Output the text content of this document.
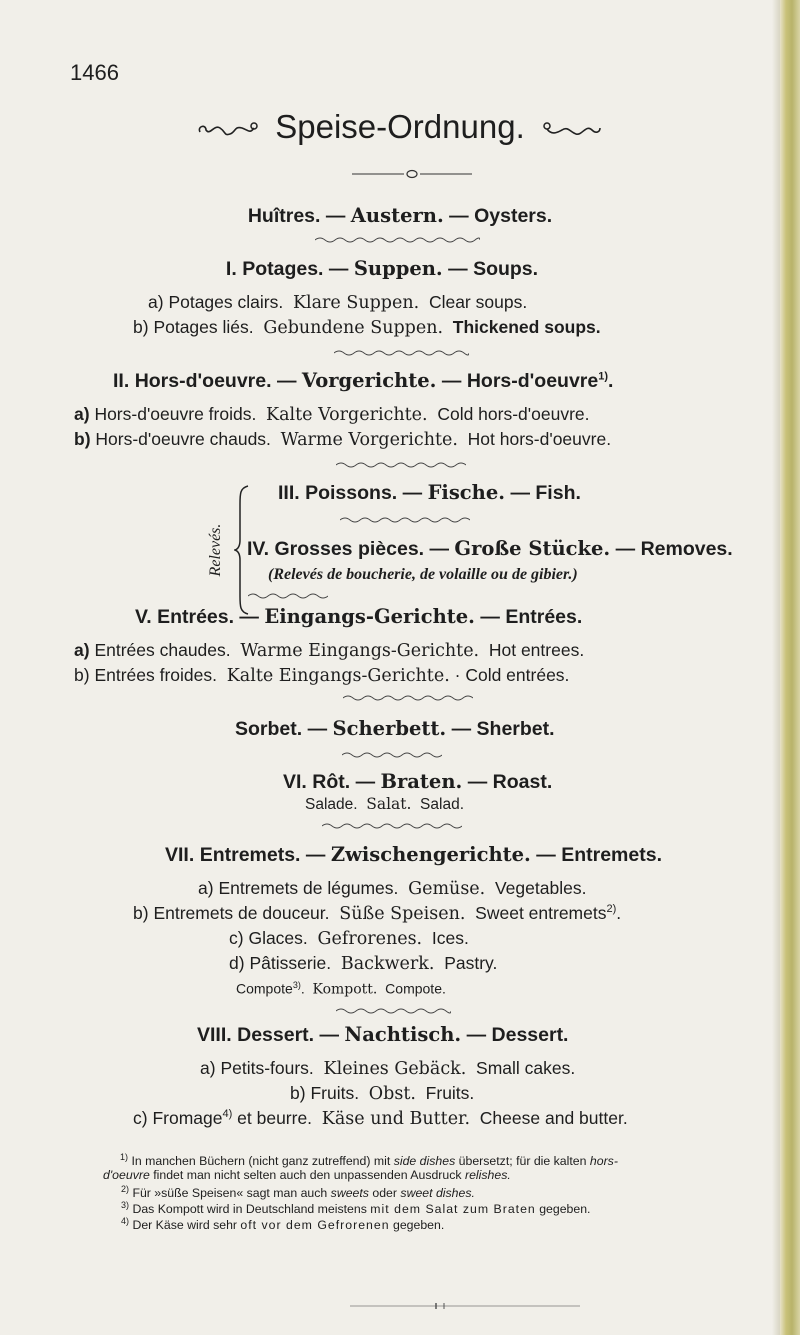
1466
Speise-Ordnung.
Huîtres. — Austern. — Oysters.
I. Potages. — Suppen. — Soups.
a) Potages clairs. Klare Suppen. Clear soups.
b) Potages liés. Gebundene Suppen. Thickened soups.
II. Hors-d'oeuvre. — Vorgerichte. — Hors-d'oeuvre$^{1)}$.
a) Hors-d'oeuvre froids. Kalte Vorgerichte. Cold hors-d'oeuvre.
b) Hors-d'oeuvre chauds. Warme Vorgerichte. Hot hors-d'oeuvre.
Relevés.
III. Poissons. — Fische. — Fish.
IV. Grosses pièces. — Große Stücke. — Removes.
(Relevés de boucherie, de volaille ou de gibier.)
V. Entrées. — Eingangs-Gerichte. — Entrées.
a) Entrées chaudes. Warme Eingangs-Gerichte. Hot entrees.
b) Entrées froides. Kalte Eingangs-Gerichte. · Cold entrées.
Sorbet. — Scherbett. — Sherbet.
VI. Rôt. — Braten. — Roast.
Salade. Salat. Salad.
VII. Entremets. — Zwischengerichte. — Entremets.
a) Entremets de légumes. Gemüse. Vegetables.
b) Entremets de douceur. Süße Speisen. Sweet entremets$^{2)}$.
c) Glaces. Gefrorenes. Ices.
d) Pâtisserie. Backwerk. Pastry.
Compote$^{3)}$.  Kompott. Compote.
VIII. Dessert. — Nachtisch. — Dessert.
a) Petits-fours. Kleines Gebäck. Small cakes.
b) Fruits. Obst. Fruits.
c) Fromage$^{4)}$ et beurre. Käse und Butter. Cheese and butter.
$^{1)}$ In manchen Büchern (nicht ganz zutreffend) mit side dishes übersetzt; für die kalten hors-
d'oeuvre findet man nicht selten auch den unpassenden Ausdruck relishes.
$^{2)}$ Für »süße Speisen« sagt man auch sweets oder sweet dishes.
$^{3)}$ Das Kompott wird in Deutschland meistens mit dem Salat zum Braten gegeben.
$^{4)}$ Der Käse wird sehr oft vor dem Gefrorenen gegeben.
